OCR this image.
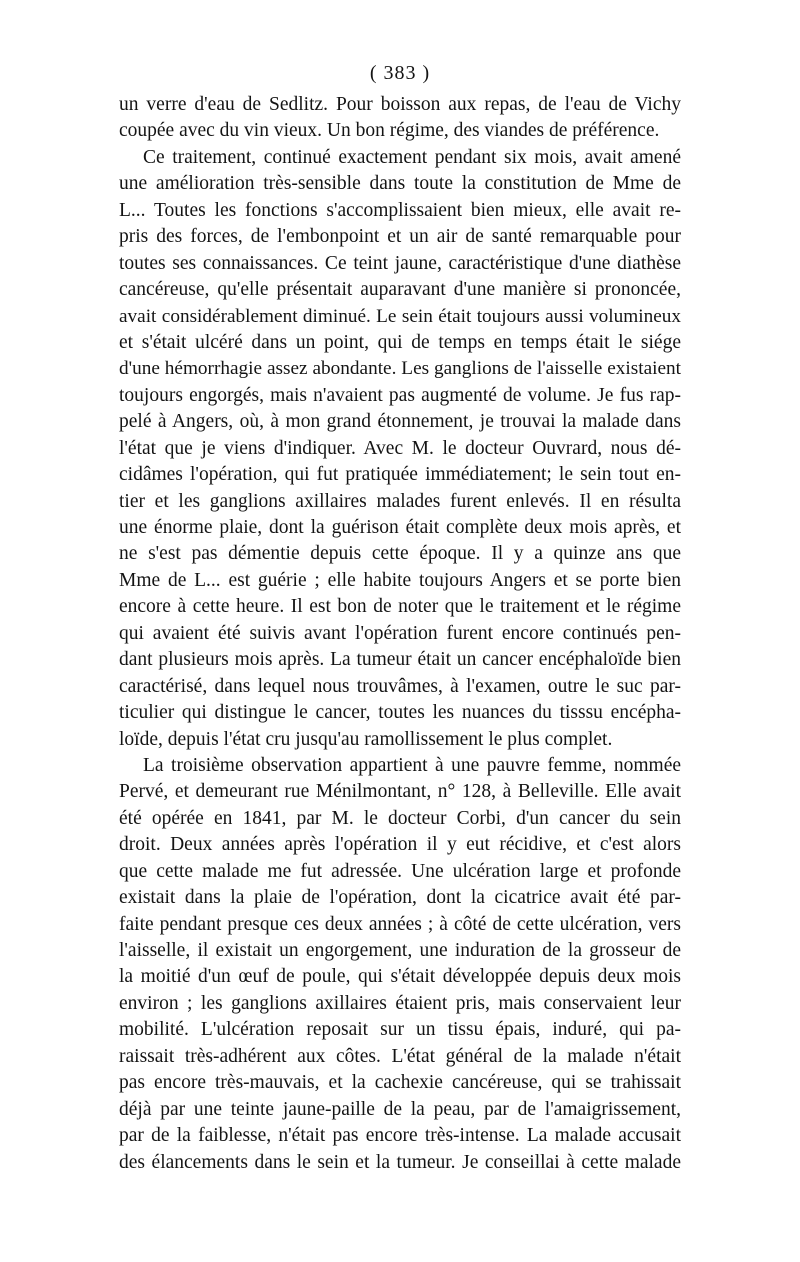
( 383 )
un verre d'eau de Sedlitz. Pour boisson aux repas, de l'eau de Vichy
coupée avec du vin vieux. Un bon régime, des viandes de préférence.
Ce traitement, continué exactement pendant six mois, avait amené
une amélioration très-sensible dans toute la constitution de Mme de
L... Toutes les fonctions s'accomplissaient bien mieux, elle avait re-
pris des forces, de l'embonpoint et un air de santé remarquable pour
toutes ses connaissances. Ce teint jaune, caractéristique d'une diathèse
cancéreuse, qu'elle présentait auparavant d'une manière si prononcée,
avait considérablement diminué. Le sein était toujours aussi volumineux
et s'était ulcéré dans un point, qui de temps en temps était le siége
d'une hémorrhagie assez abondante. Les ganglions de l'aisselle existaient
toujours engorgés, mais n'avaient pas augmenté de volume. Je fus rap-
pelé à Angers, où, à mon grand étonnement, je trouvai la malade dans
l'état que je viens d'indiquer. Avec M. le docteur Ouvrard, nous dé-
cidâmes l'opération, qui fut pratiquée immédiatement; le sein tout en-
tier et les ganglions axillaires malades furent enlevés. Il en résulta
une énorme plaie, dont la guérison était complète deux mois après, et
ne s'est pas démentie depuis cette époque. Il y a quinze ans que
Mme de L... est guérie ; elle habite toujours Angers et se porte bien
encore à cette heure. Il est bon de noter que le traitement et le régime
qui avaient été suivis avant l'opération furent encore continués pen-
dant plusieurs mois après. La tumeur était un cancer encéphaloïde bien
caractérisé, dans lequel nous trouvâmes, à l'examen, outre le suc par-
ticulier qui distingue le cancer, toutes les nuances du tisssu encépha-
loïde, depuis l'état cru jusqu'au ramollissement le plus complet.
La troisième observation appartient à une pauvre femme, nommée
Pervé, et demeurant rue Ménilmontant, n° 128, à Belleville. Elle avait
été opérée en 1841, par M. le docteur Corbi, d'un cancer du sein
droit. Deux années après l'opération il y eut récidive, et c'est alors
que cette malade me fut adressée. Une ulcération large et profonde
existait dans la plaie de l'opération, dont la cicatrice avait été par-
faite pendant presque ces deux années ; à côté de cette ulcération, vers
l'aisselle, il existait un engorgement, une induration de la grosseur de
la moitié d'un œuf de poule, qui s'était développée depuis deux mois
environ ; les ganglions axillaires étaient pris, mais conservaient leur
mobilité. L'ulcération reposait sur un tissu épais, induré, qui pa-
raissait très-adhérent aux côtes. L'état général de la malade n'était
pas encore très-mauvais, et la cachexie cancéreuse, qui se trahissait
déjà par une teinte jaune-paille de la peau, par de l'amaigrissement,
par de la faiblesse, n'était pas encore très-intense. La malade accusait
des élancements dans le sein et la tumeur. Je conseillai à cette malade
